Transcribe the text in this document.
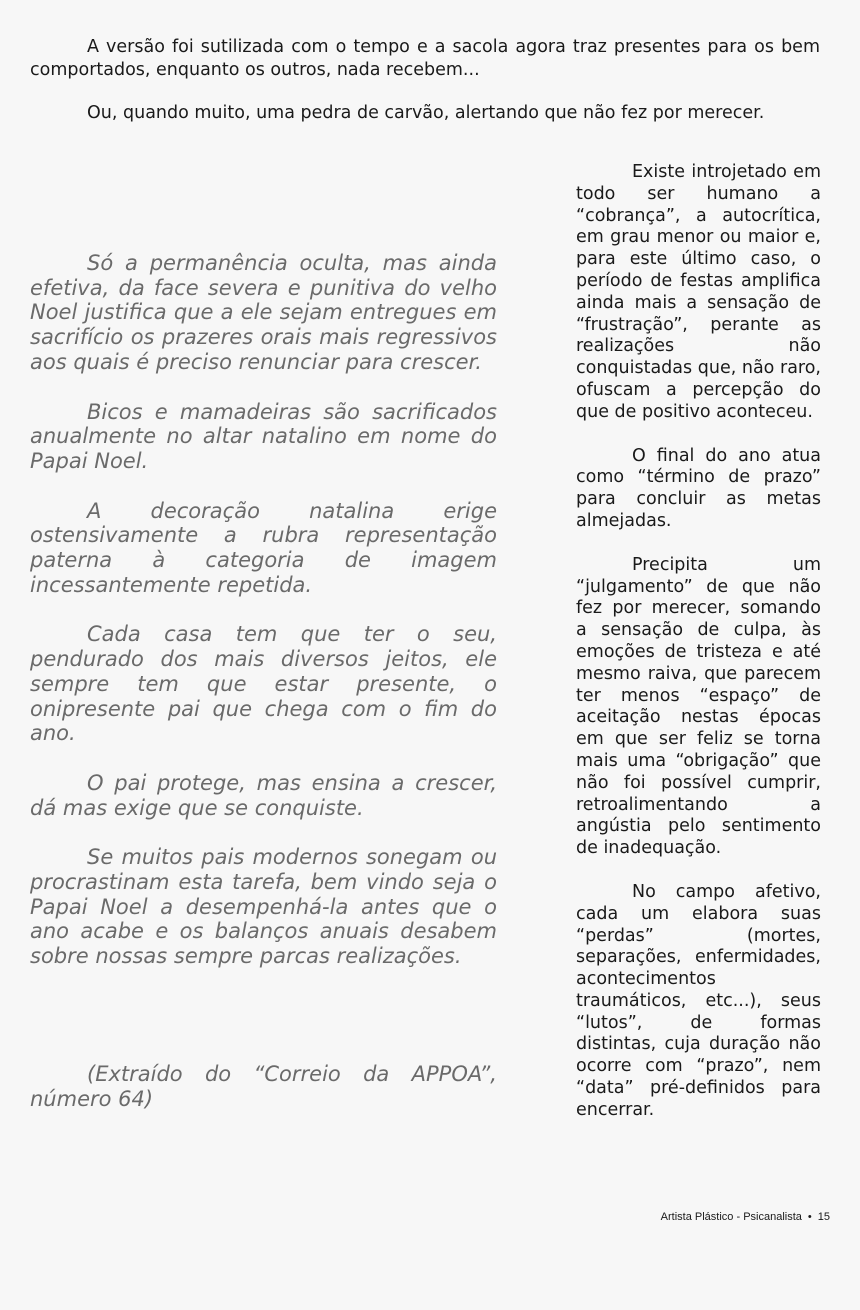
A versão foi sutilizada com o tempo e a sacola agora traz presentes para os bem comportados, enquanto os outros, nada recebem...

Ou, quando muito, uma pedra de carvão, alertando que não fez por merecer.

Só a permanência oculta, mas ainda efetiva, da face severa e punitiva do velho Noel justifica que a ele sejam entregues em sacrifício os prazeres orais mais regressivos aos quais é preciso renunciar para crescer.

Bicos e mamadeiras são sacrificados anualmente no altar natalino em nome do Papai Noel.

A decoração natalina erige ostensivamente a rubra representação paterna à categoria de imagem incessantemente repetida.

Cada casa tem que ter o seu, pendurado dos mais diversos jeitos, ele sempre tem que estar presente, o onipresente pai que chega com o fim do ano.

O pai protege, mas ensina a crescer, dá mas exige que se conquiste.

Se muitos pais modernos sonegam ou procrastinam esta tarefa, bem vindo seja o Papai Noel a desempenhá-la antes que o ano acabe e os balanços anuais desabem sobre nossas sempre parcas realizações.

(Extraído do “Correio da APPOA”, número 64)

Existe introjetado em todo ser humano a “cobrança”, a autocrítica, em grau menor ou maior e, para este último caso, o período de festas amplifica ainda mais a sensação de “frustração”, perante as realizações não conquistadas que, não raro, ofuscam a percepção do que de positivo aconteceu.

O final do ano atua como “término de prazo” para concluir as metas almejadas.

Precipita um “julgamento” de que não fez por merecer, somando a sensação de culpa, às emoções de tristeza e até mesmo raiva, que parecem ter menos “espaço” de aceitação nestas épocas em que ser feliz se torna mais uma “obrigação” que não foi possível cumprir, retroalimentando a angústia pelo sentimento de inadequação.

No campo afetivo, cada um elabora suas “perdas” (mortes, separações, enfermidades, acontecimentos traumáticos, etc...), seus “lutos”, de formas distintas, cuja duração não ocorre com “prazo”, nem “data” pré-definidos para encerrar.

Artista Plástico - Psicanalista • 15
